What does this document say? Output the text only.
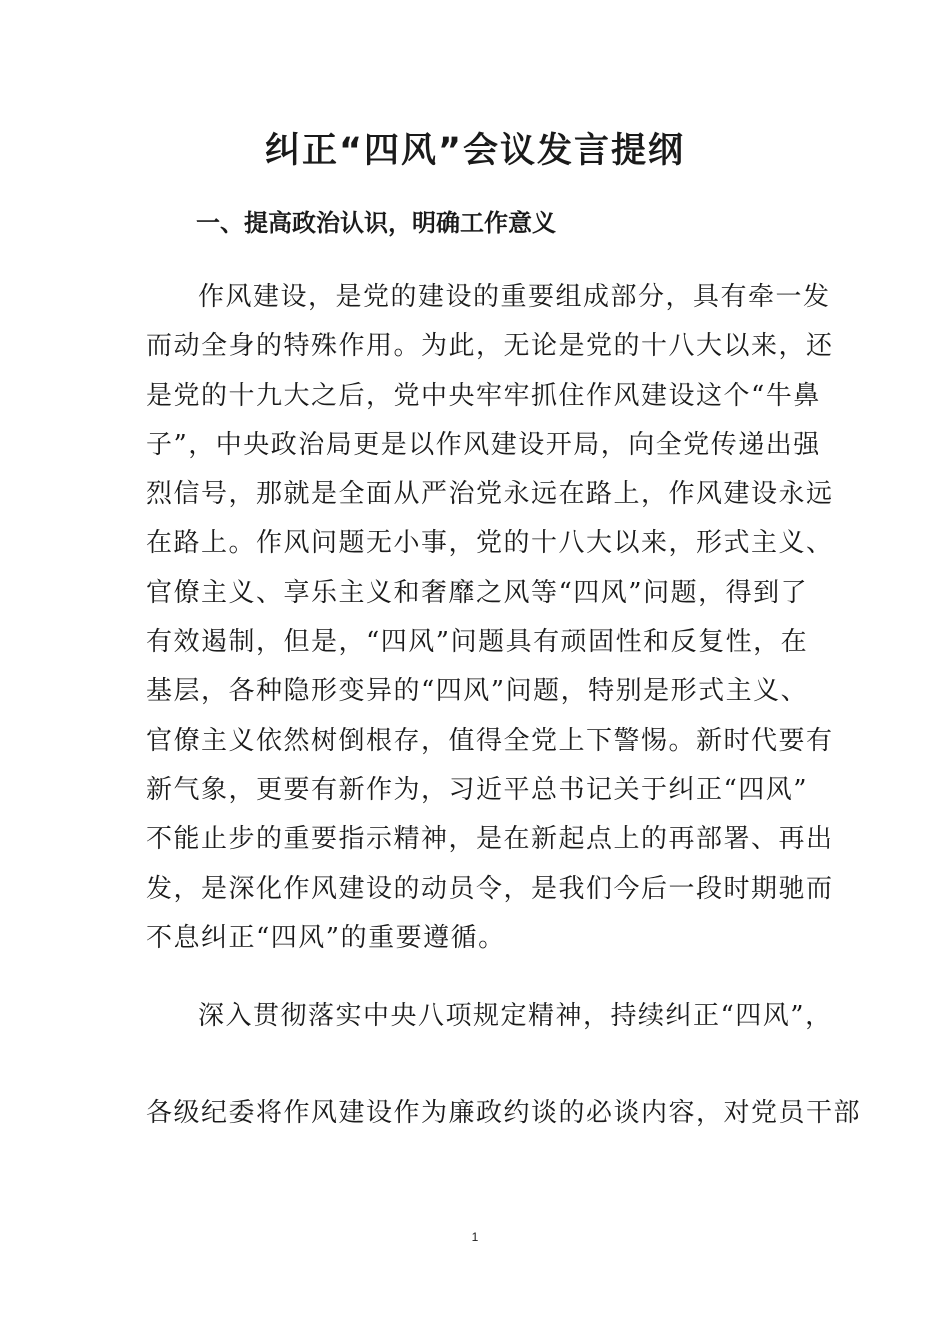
纠正“四风”会议发言提纲
一、提高政治认识，明确工作意义
作风建设，是党的建设的重要组成部分，具有牵一发
而动全身的特殊作用。为此，无论是党的十八大以来，还
是党的十九大之后，党中央牢牢抓住作风建设这个“牛鼻
子”，中央政治局更是以作风建设开局，向全党传递出强
烈信号，那就是全面从严治党永远在路上，作风建设永远
在路上。作风问题无小事，党的十八大以来，形式主义、
官僚主义、享乐主义和奢靡之风等“四风”问题，得到了
有效遏制，但是，“四风”问题具有顽固性和反复性，在
基层，各种隐形变异的“四风”问题，特别是形式主义、
官僚主义依然树倒根存，值得全党上下警惕。新时代要有
新气象，更要有新作为，习近平总书记关于纠正“四风”
不能止步的重要指示精神，是在新起点上的再部署、再出
发，是深化作风建设的动员令，是我们今后一段时期驰而
不息纠正“四风”的重要遵循。
深入贯彻落实中央八项规定精神，持续纠正“四风”，
各级纪委将作风建设作为廉政约谈的必谈内容，对党员干部
1
